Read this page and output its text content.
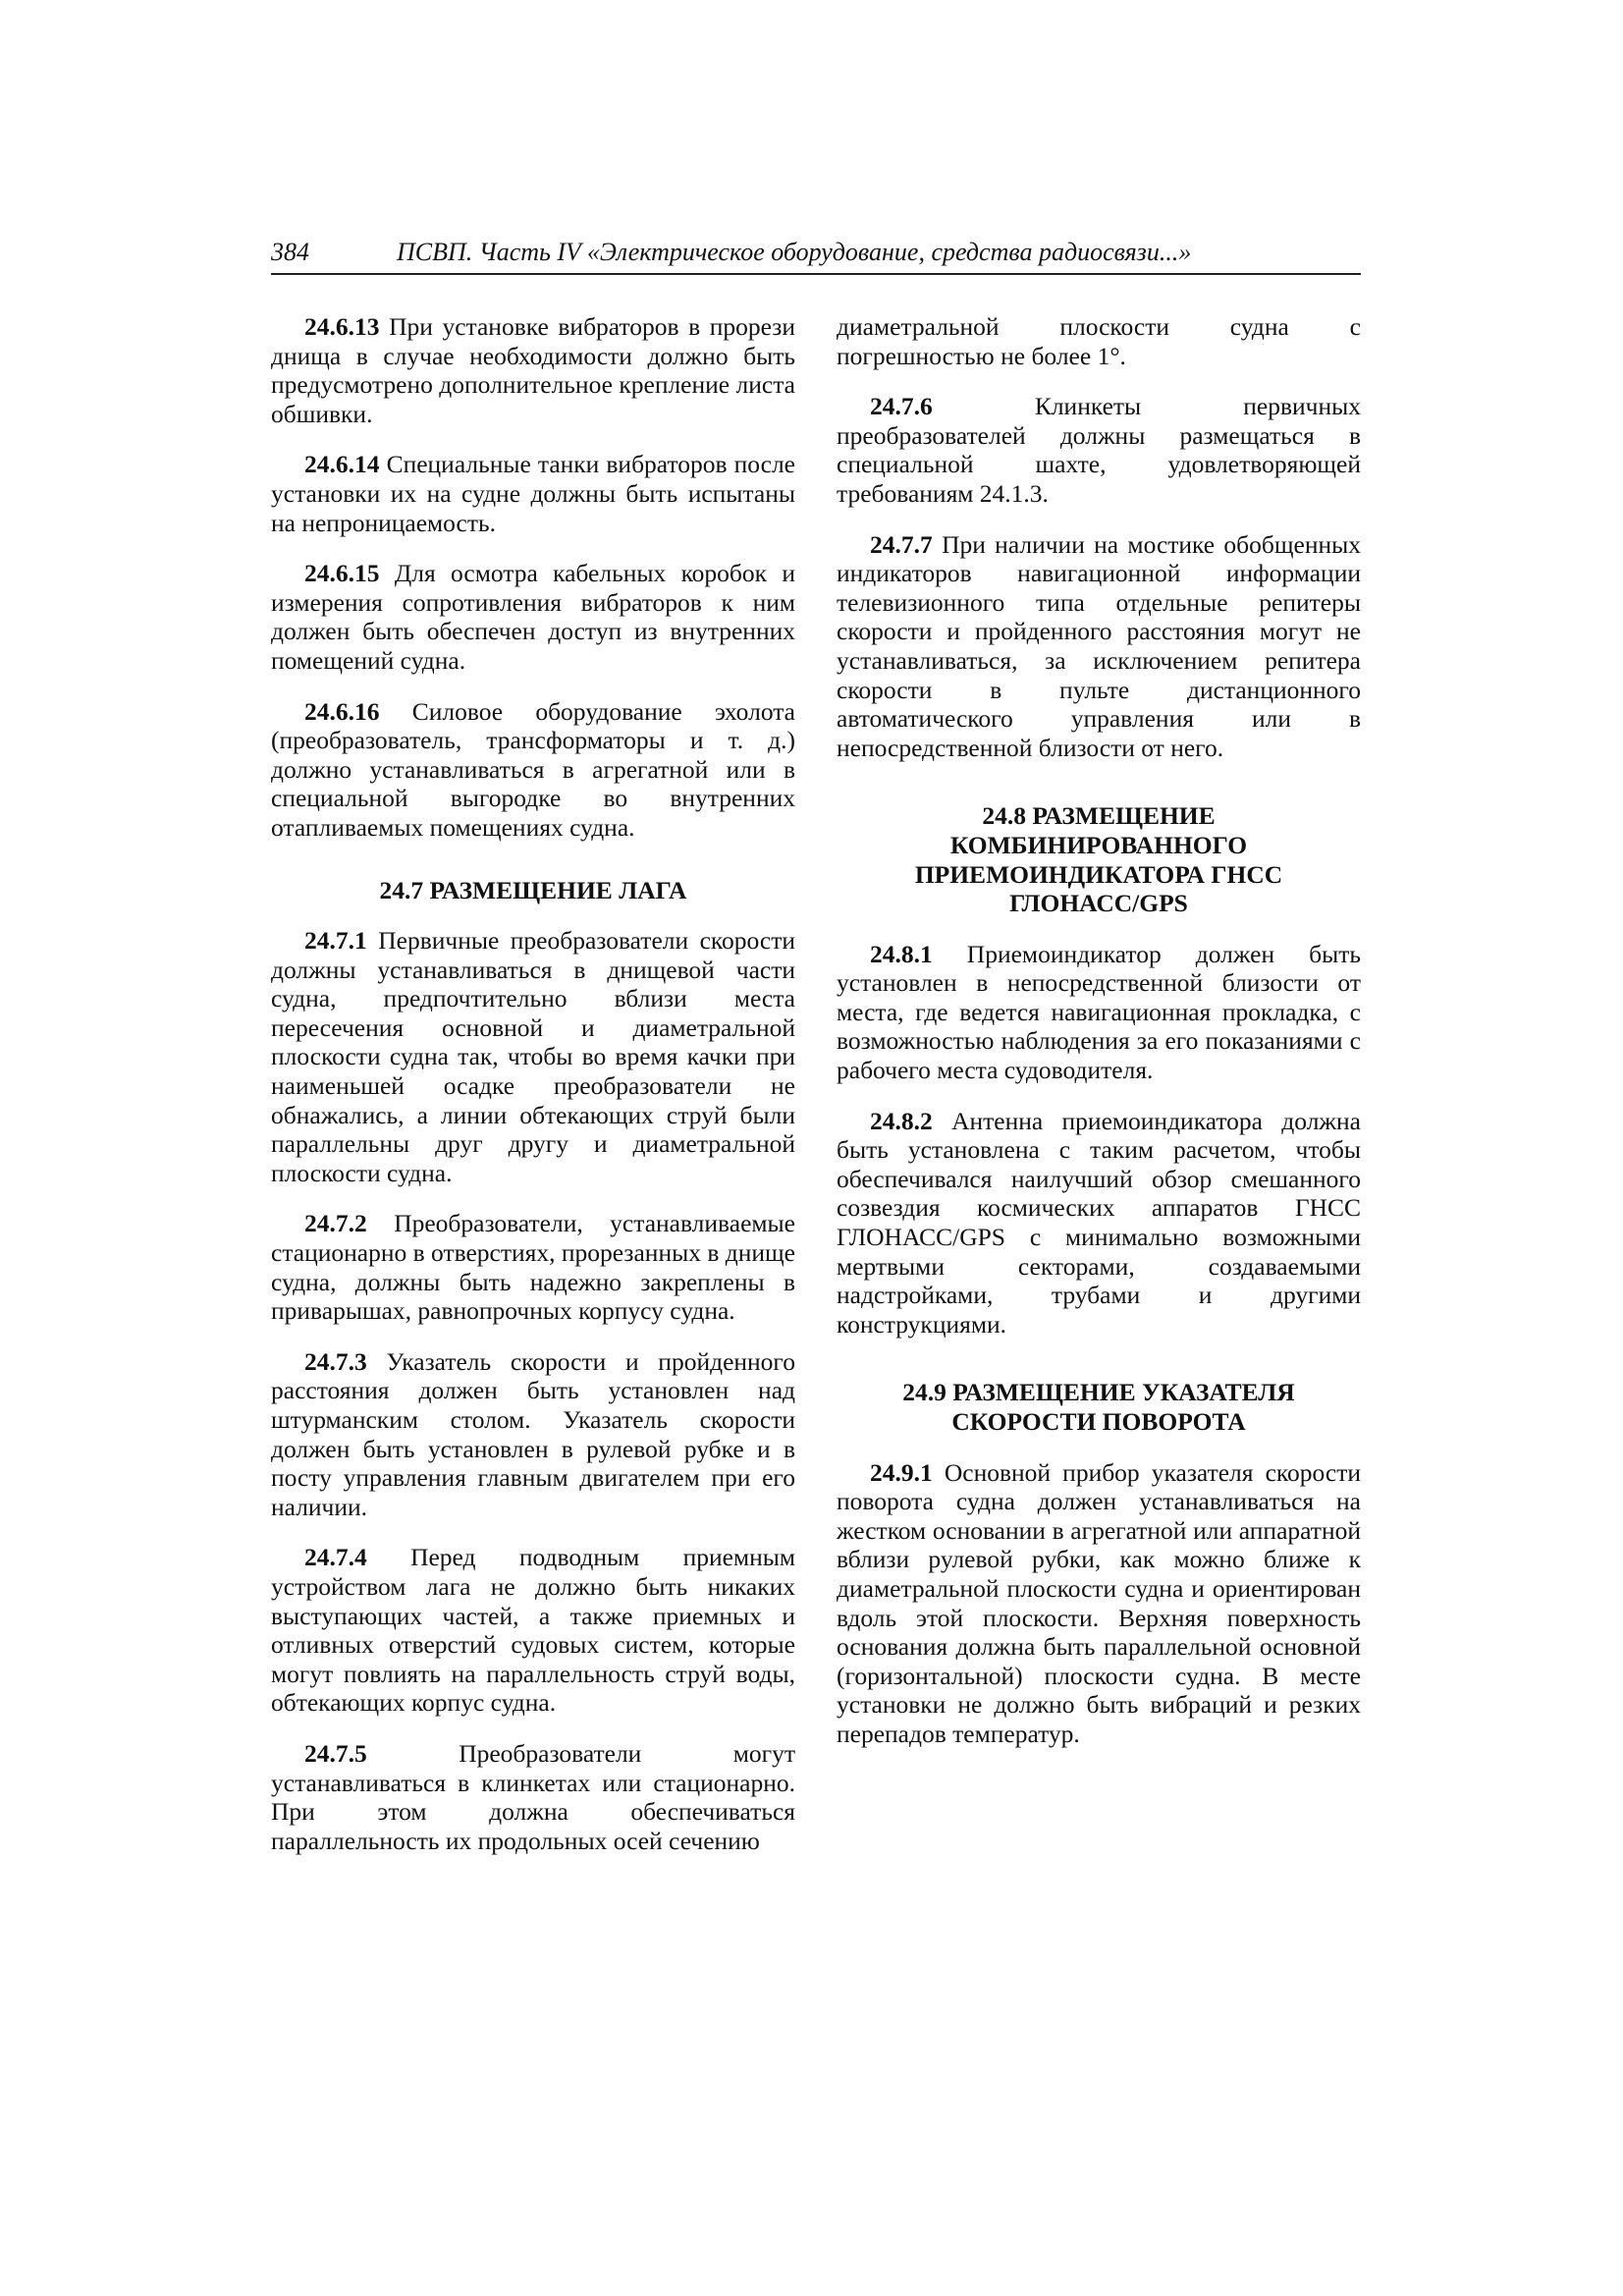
384	ПСВП. Часть IV «Электрическое оборудование, средства радиосвязи...»

24.6.13 При установке вибраторов в прорези днища в случае необходимости должно быть предусмотрено дополнительное крепление листа обшивки.

24.6.14 Специальные танки вибраторов после установки их на судне должны быть испытаны на непроницаемость.

24.6.15 Для осмотра кабельных коробок и измерения сопротивления вибраторов к ним должен быть обеспечен доступ из внутренних помещений судна.

24.6.16 Силовое оборудование эхолота (преобразователь, трансформаторы и т. д.) должно устанавливаться в агрегатной или в специальной выгородке во внутренних отапливаемых помещениях судна.

24.7 РАЗМЕЩЕНИЕ ЛАГА

24.7.1 Первичные преобразователи скорости должны устанавливаться в днищевой части судна, предпочтительно вблизи места пересечения основной и диаметральной плоскости судна так, чтобы во время качки при наименьшей осадке преобразователи не обнажались, а линии обтекающих струй были параллельны друг другу и диаметральной плоскости судна.

24.7.2 Преобразователи, устанавливаемые стационарно в отверстиях, прорезанных в днище судна, должны быть надежно закреплены в приварышах, равнопрочных корпусу судна.

24.7.3 Указатель скорости и пройденного расстояния должен быть установлен над штурманским столом. Указатель скорости должен быть установлен в рулевой рубке и в посту управления главным двигателем при его наличии.

24.7.4 Перед подводным приемным устройством лага не должно быть никаких выступающих частей, а также приемных и отливных отверстий судовых систем, которые могут повлиять на параллельность струй воды, обтекающих корпус судна.

24.7.5	Преобразователи могут устанавливаться в клинкетах или стационарно. При этом должна обеспечиваться параллельность их продольных осей сечению

диаметральной плоскости судна с погрешностью не более 1°.

24.7.6	Клинкеты первичных преобразователей должны размещаться в специальной шахте, удовлетворяющей требованиям 24.1.3.

24.7.7 При наличии на мостике обобщенных индикаторов навигационной информации телевизионного типа отдельные репитеры скорости и пройденного расстояния могут не устанавливаться, за исключением репитера скорости в пульте дистанционного автоматического управления или в непосредственной близости от него.

24.8 РАЗМЕЩЕНИЕ КОМБИНИРОВАННОГО ПРИЕМОИНДИКАТОРА ГНСС ГЛОНАСС/GPS

24.8.1 Приемоиндикатор должен быть установлен в непосредственной близости от места, где ведется навигационная прокладка, с возможностью наблюдения за его показаниями с рабочего места судоводителя.

24.8.2 Антенна приемоиндикатора должна быть установлена с таким расчетом, чтобы обеспечивался наилучший обзор смешанного созвездия космических аппаратов ГНСС ГЛОНАСС/GPS с минимально возможными мертвыми секторами, создаваемыми надстройками, трубами и другими конструкциями.

24.9 РАЗМЕЩЕНИЕ УКАЗАТЕЛЯ СКОРОСТИ ПОВОРОТА

24.9.1 Основной прибор указателя скорости поворота судна должен устанавливаться на жестком основании в агрегатной или аппаратной вблизи рулевой рубки, как можно ближе к диаметральной плоскости судна и ориентирован вдоль этой плоскости. Верхняя поверхность основания должна быть параллельной основной (горизонтальной) плоскости судна. В месте установки не должно быть вибраций и резких перепадов температур.
